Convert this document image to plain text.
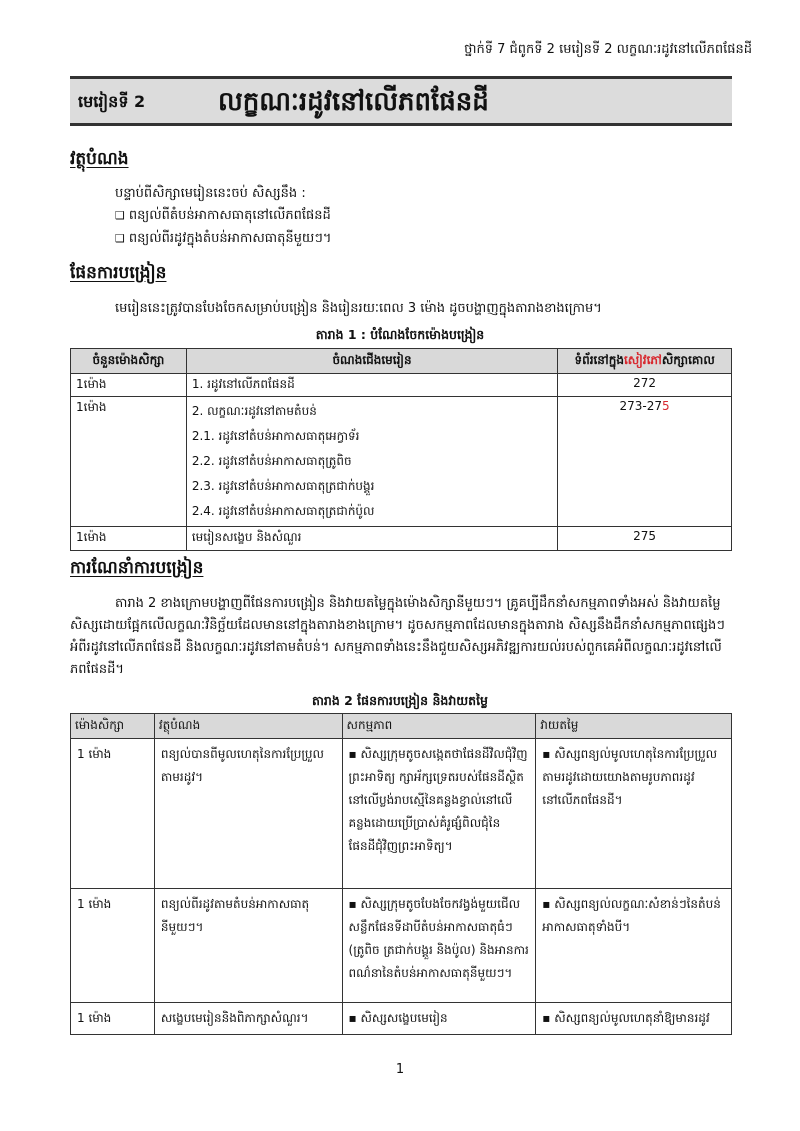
ថ្នាក់ទី 7 ជំពូកទី 2 មេរៀនទី 2 លក្ខណៈរដូវនៅលើភពផែនដី
មេរៀនទី 2	លក្ខណៈរដូវនៅលើភពផែនដី
វត្ថុបំណង
បន្ទាប់ពីសិក្សាមេរៀននេះចប់ សិស្សនឹង :
❑ ពន្យល់ពីតំបន់អាកាសធាតុនៅលើភពផែនដី
❑ ពន្យល់ពីរដូវក្នុងតំបន់អាកាសធាតុនីមួយៗ។
ផែនការបង្រៀន
មេរៀននេះត្រូវបានបែងចែកសម្រាប់បង្រៀន និងរៀនរយៈពេល 3 ម៉ោង ដូចបង្ហាញក្នុងតារាងខាងក្រោម។
តារាង 1 : បំណែងចែកម៉ោងបង្រៀន
ចំនួនម៉ោងសិក្សា	ចំណងជើងមេរៀន	ទំព័រនៅក្នុងសៀវភៅសិក្សាគោល
1ម៉ោង	1. រដូវនៅលើភពផែនដី	272
1ម៉ោង	2. លក្ខណៈរដូវនៅតាមតំបន់
2.1. រដូវនៅតំបន់អាកាសធាតុអេក្វាទ័រ
2.2. រដូវនៅតំបន់អាកាសធាតុត្រូពិច
2.3. រដូវនៅតំបន់អាកាសធាតុត្រជាក់បង្គួរ
2.4. រដូវនៅតំបន់អាកាសធាតុត្រជាក់ប៉ូល	273-275
1ម៉ោង	មេរៀនសង្ខេប និងសំណួរ	275
ការណែនាំការបង្រៀន
តារាង 2 ខាងក្រោមបង្ហាញពីផែនការបង្រៀន និងវាយតម្លៃក្នុងម៉ោងសិក្សានីមួយៗ។ គ្រូគប្បីដឹកនាំសកម្មភាពទាំងអស់ និងវាយតម្លៃសិស្សដោយផ្អែកលើលក្ខណៈវិនិច្ឆ័យដែលមាននៅក្នុងតារាងខាងក្រោម។ ដូចសកម្មភាពដែលមានក្នុងតារាង សិស្សនឹងដឹកនាំសកម្មភាពផ្សេងៗអំពីរដូវនៅលើភពផែនដី និងលក្ខណៈរដូវនៅតាមតំបន់។ សកម្មភាពទាំងនេះនឹងជួយសិស្សអភិវឌ្ឍការយល់របស់ពួកគេអំពីលក្ខណៈរដូវនៅលើភពផែនដី។
តារាង 2 ផែនការបង្រៀន និងវាយតម្លៃ
ម៉ោងសិក្សា	វត្ថុបំណង	សកម្មភាព	វាយតម្លៃ
1 ម៉ោង	ពន្យល់បានពីមូលហេតុនៃការប្រែប្រួលតាមរដូវ។	▪ សិស្សក្រុមតូចសង្កេតថាផែនដីវិលជុំវិញព្រះអាទិត្យ ក្សាអ័ក្សទ្រេតរបស់ផែនដីស្ថិតនៅលើប្លង់រាបស្មើនៃគន្លងខ្វាល់នៅលើគន្លងដោយប្រើប្រាស់គំរូផ្សំពិលជុំនៃផែនដីជុំវិញព្រះអាទិត្យ។	▪ សិស្សពន្យល់មូលហេតុនៃការប្រែប្រួលតាមរដូវដោយយោងតាមរូបភាពរដូវនៅលើភពផែនដី។

1 ម៉ោង	ពន្យល់ពីរដូវតាមតំបន់អាកាសធាតុនីមួយៗ។	▪ សិស្សក្រុមតូចបែងចែកវង្វង់មួយជើលសន្លឹកផែនទីដាបីតំបន់អាកាសធាតុធំៗ (ត្រូពិច ត្រជាក់បង្គួរ និងប៉ូល) និងអានការពណ៌នានៃតំបន់អាកាសធាតុនីមួយៗ។	▪ សិស្សពន្យល់លក្ខណៈសំខាន់ៗនៃតំបន់អាកាសធាតុទាំងបី។

1 ម៉ោង	សង្ខេបមេរៀននិងពិភាក្សាសំណួរ។	▪ សិស្សសង្ខេបមេរៀន	▪ សិស្សពន្យល់មូលហេតុនាំឱ្យមានរដូវ
1
